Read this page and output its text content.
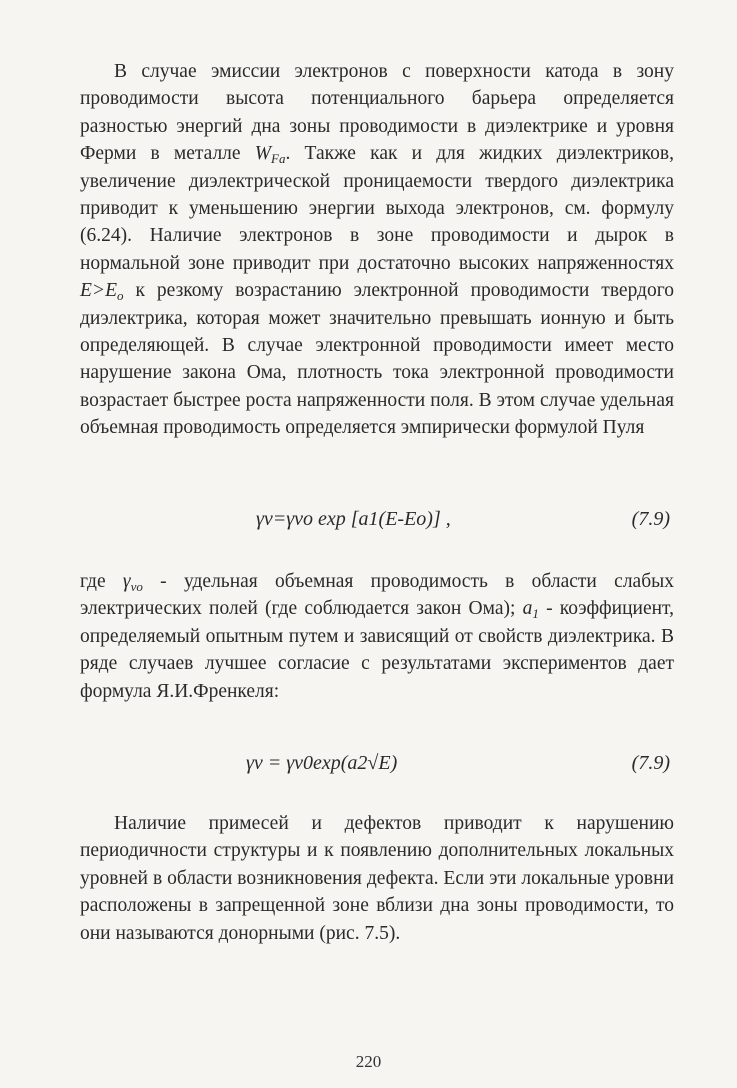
В случае эмиссии электронов с поверхности катода в зону проводимости высота потенциального барьера определяется разностью энергий дна зоны проводимости в диэлектрике и уровня Ферми в металле $W_{Fa}$. Также как и для жидких диэлектриков, увеличение диэлектрической проницаемости твердого диэлектрика приводит к уменьшению энергии выхода электронов, см. формулу (6.24). Наличие электронов в зоне проводимости и дырок в нормальной зоне приводит при достаточно высоких напряженностях $E>E_o$ к резкому возрастанию электронной проводимости твердого диэлектрика, которая может значительно превышать ионную и быть определяющей. В случае электронной проводимости имеет место нарушение закона Ома, плотность тока электронной проводимости возрастает быстрее роста напряженности поля. В этом случае удельная объемная проводимость определяется эмпирически формулой Пуля

γv=γvo exp [a1(E-Eo)] ,	(7.9)

где $\gamma_{vo}$ - удельная объемная проводимость в области слабых электрических полей (где соблюдается закон Ома); $a_1$ - коэффициент, определяемый опытным путем и зависящий от свойств диэлектрика. В ряде случаев лучшее согласие с результатами экспериментов дает формула Я.И.Френкеля:

γv = γv0exp(a2√E)	(7.9)

Наличие примесей и дефектов приводит к нарушению периодичности структуры и к появлению дополнительных локальных уровней в области возникновения дефекта. Если эти локальные уровни расположены в запрещенной зоне вблизи дна зоны проводимости, то они называются донорными (рис. 7.5).

220
